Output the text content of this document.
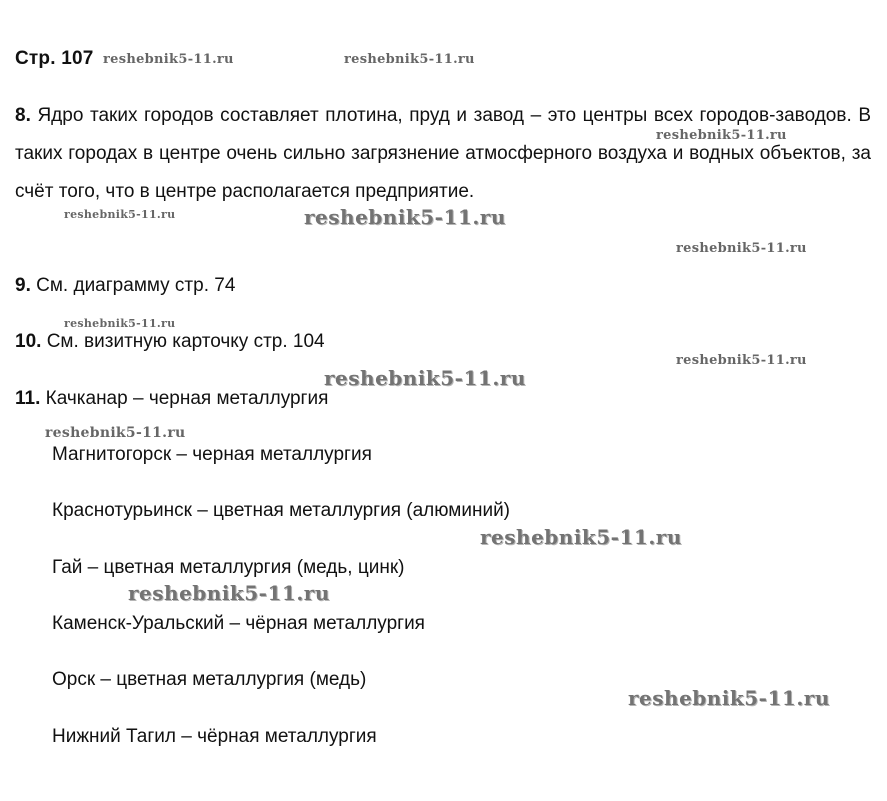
Стр. 107
8. Ядро таких городов составляет плотина, пруд и завод – это центры всех городов-заводов. В таких городах в центре очень сильно загрязнение атмосферного воздуха и водных объектов, за счёт того, что в центре располагается предприятие.
9. См. диаграмму стр. 74
10. См. визитную карточку стр. 104
11. Качканар – черная металлургия
Магнитогорск – черная металлургия
Краснотурьинск – цветная металлургия (алюминий)
Гай – цветная металлургия (медь, цинк)
Каменск-Уральский – чёрная металлургия
Орск – цветная металлургия (медь)
Нижний Тагил – чёрная металлургия
reshebnik5-11.ru	reshebnik5-11.ru
reshebnik5-11.ru
reshebnik5-11.ru	reshebnik5-11.ru
reshebnik5-11.ru
reshebnik5-11.ru
reshebnik5-11.ru
reshebnik5-11.ru
reshebnik5-11.ru
reshebnik5-11.ru
reshebnik5-11.ru
reshebnik5-11.ru
